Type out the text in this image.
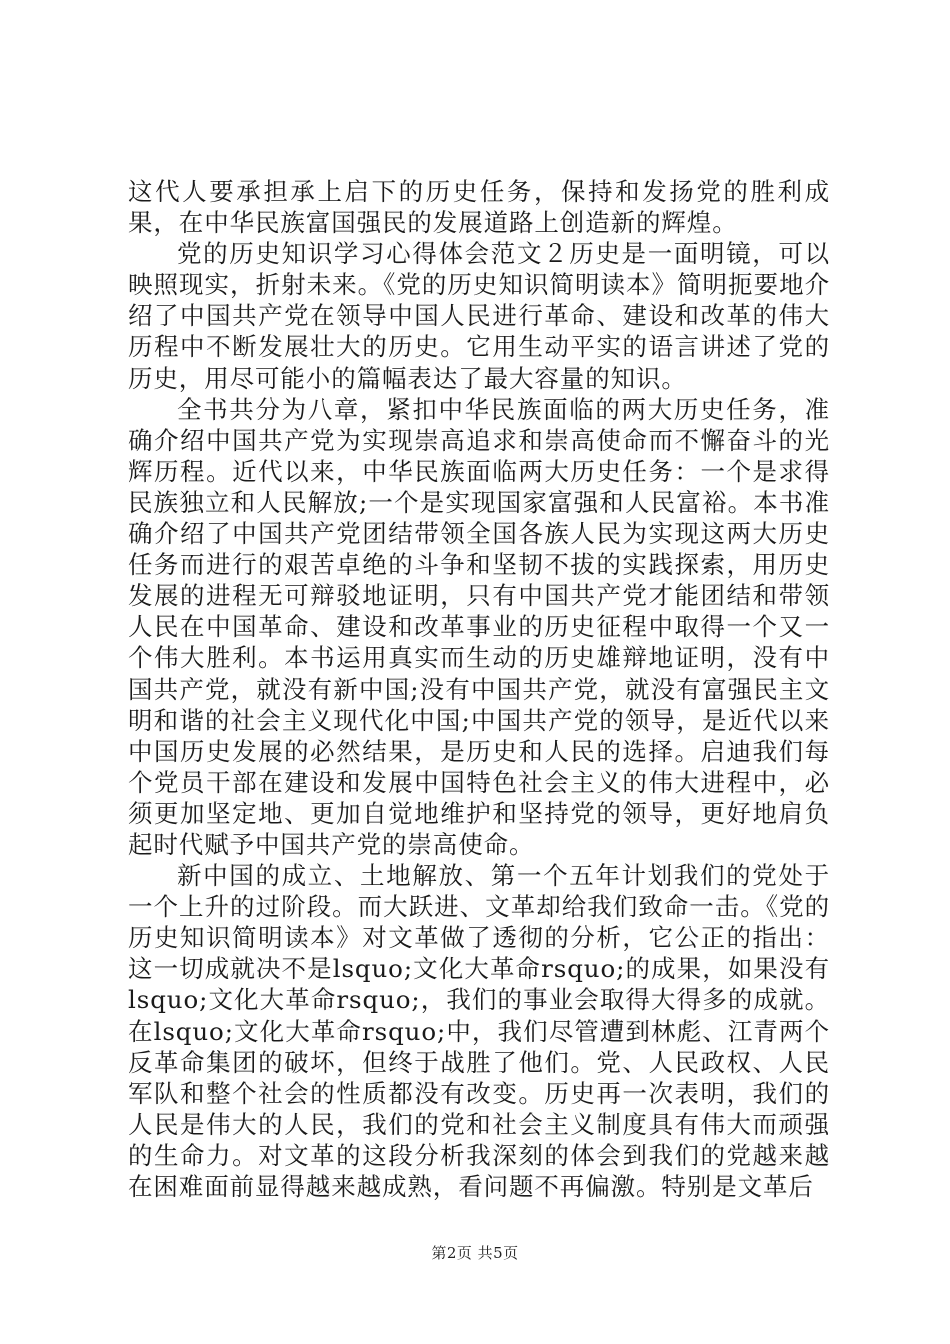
这代人要承担承上启下的历史任务，保持和发扬党的胜利成果，在中华民族富国强民的发展道路上创造新的辉煌。

党的历史知识学习心得体会范文２历史是一面明镜，可以映照现实，折射未来。《党的历史知识简明读本》简明扼要地介绍了中国共产党在领导中国人民进行革命、建设和改革的伟大历程中不断发展壮大的历史。它用生动平实的语言讲述了党的历史，用尽可能小的篇幅表达了最大容量的知识。

全书共分为八章，紧扣中华民族面临的两大历史任务，准确介绍中国共产党为实现崇高追求和崇高使命而不懈奋斗的光辉历程。近代以来，中华民族面临两大历史任务：一个是求得民族独立和人民解放;一个是实现国家富强和人民富裕。本书准确介绍了中国共产党团结带领全国各族人民为实现这两大历史任务而进行的艰苦卓绝的斗争和坚韧不拔的实践探索，用历史发展的进程无可辩驳地证明，只有中国共产党才能团结和带领人民在中国革命、建设和改革事业的历史征程中取得一个又一个伟大胜利。本书运用真实而生动的历史雄辩地证明，没有中国共产党，就没有新中国;没有中国共产党，就没有富强民主文明和谐的社会主义现代化中国;中国共产党的领导，是近代以来中国历史发展的必然结果，是历史和人民的选择。启迪我们每个党员干部在建设和发展中国特色社会主义的伟大进程中，必须更加坚定地、更加自觉地维护和坚持党的领导，更好地肩负起时代赋予中国共产党的崇高使命。

新中国的成立、土地解放、第一个五年计划我们的党处于一个上升的过阶段。而大跃进、文革却给我们致命一击。《党的历史知识简明读本》对文革做了透彻的分析，它公正的指出：这一切成就决不是lsquo;文化大革命rsquo;的成果，如果没有lsquo;文化大革命rsquo;，我们的事业会取得大得多的成就。在lsquo;文化大革命rsquo;中，我们尽管遭到林彪、江青两个反革命集团的破坏，但终于战胜了他们。党、人民政权、人民军队和整个社会的性质都没有改变。历史再一次表明，我们的人民是伟大的人民，我们的党和社会主义制度具有伟大而顽强的生命力。对文革的这段分析我深刻的体会到我们的党越来越在困难面前显得越来越成熟，看问题不再偏激。特别是文革后

第2页 共5页
